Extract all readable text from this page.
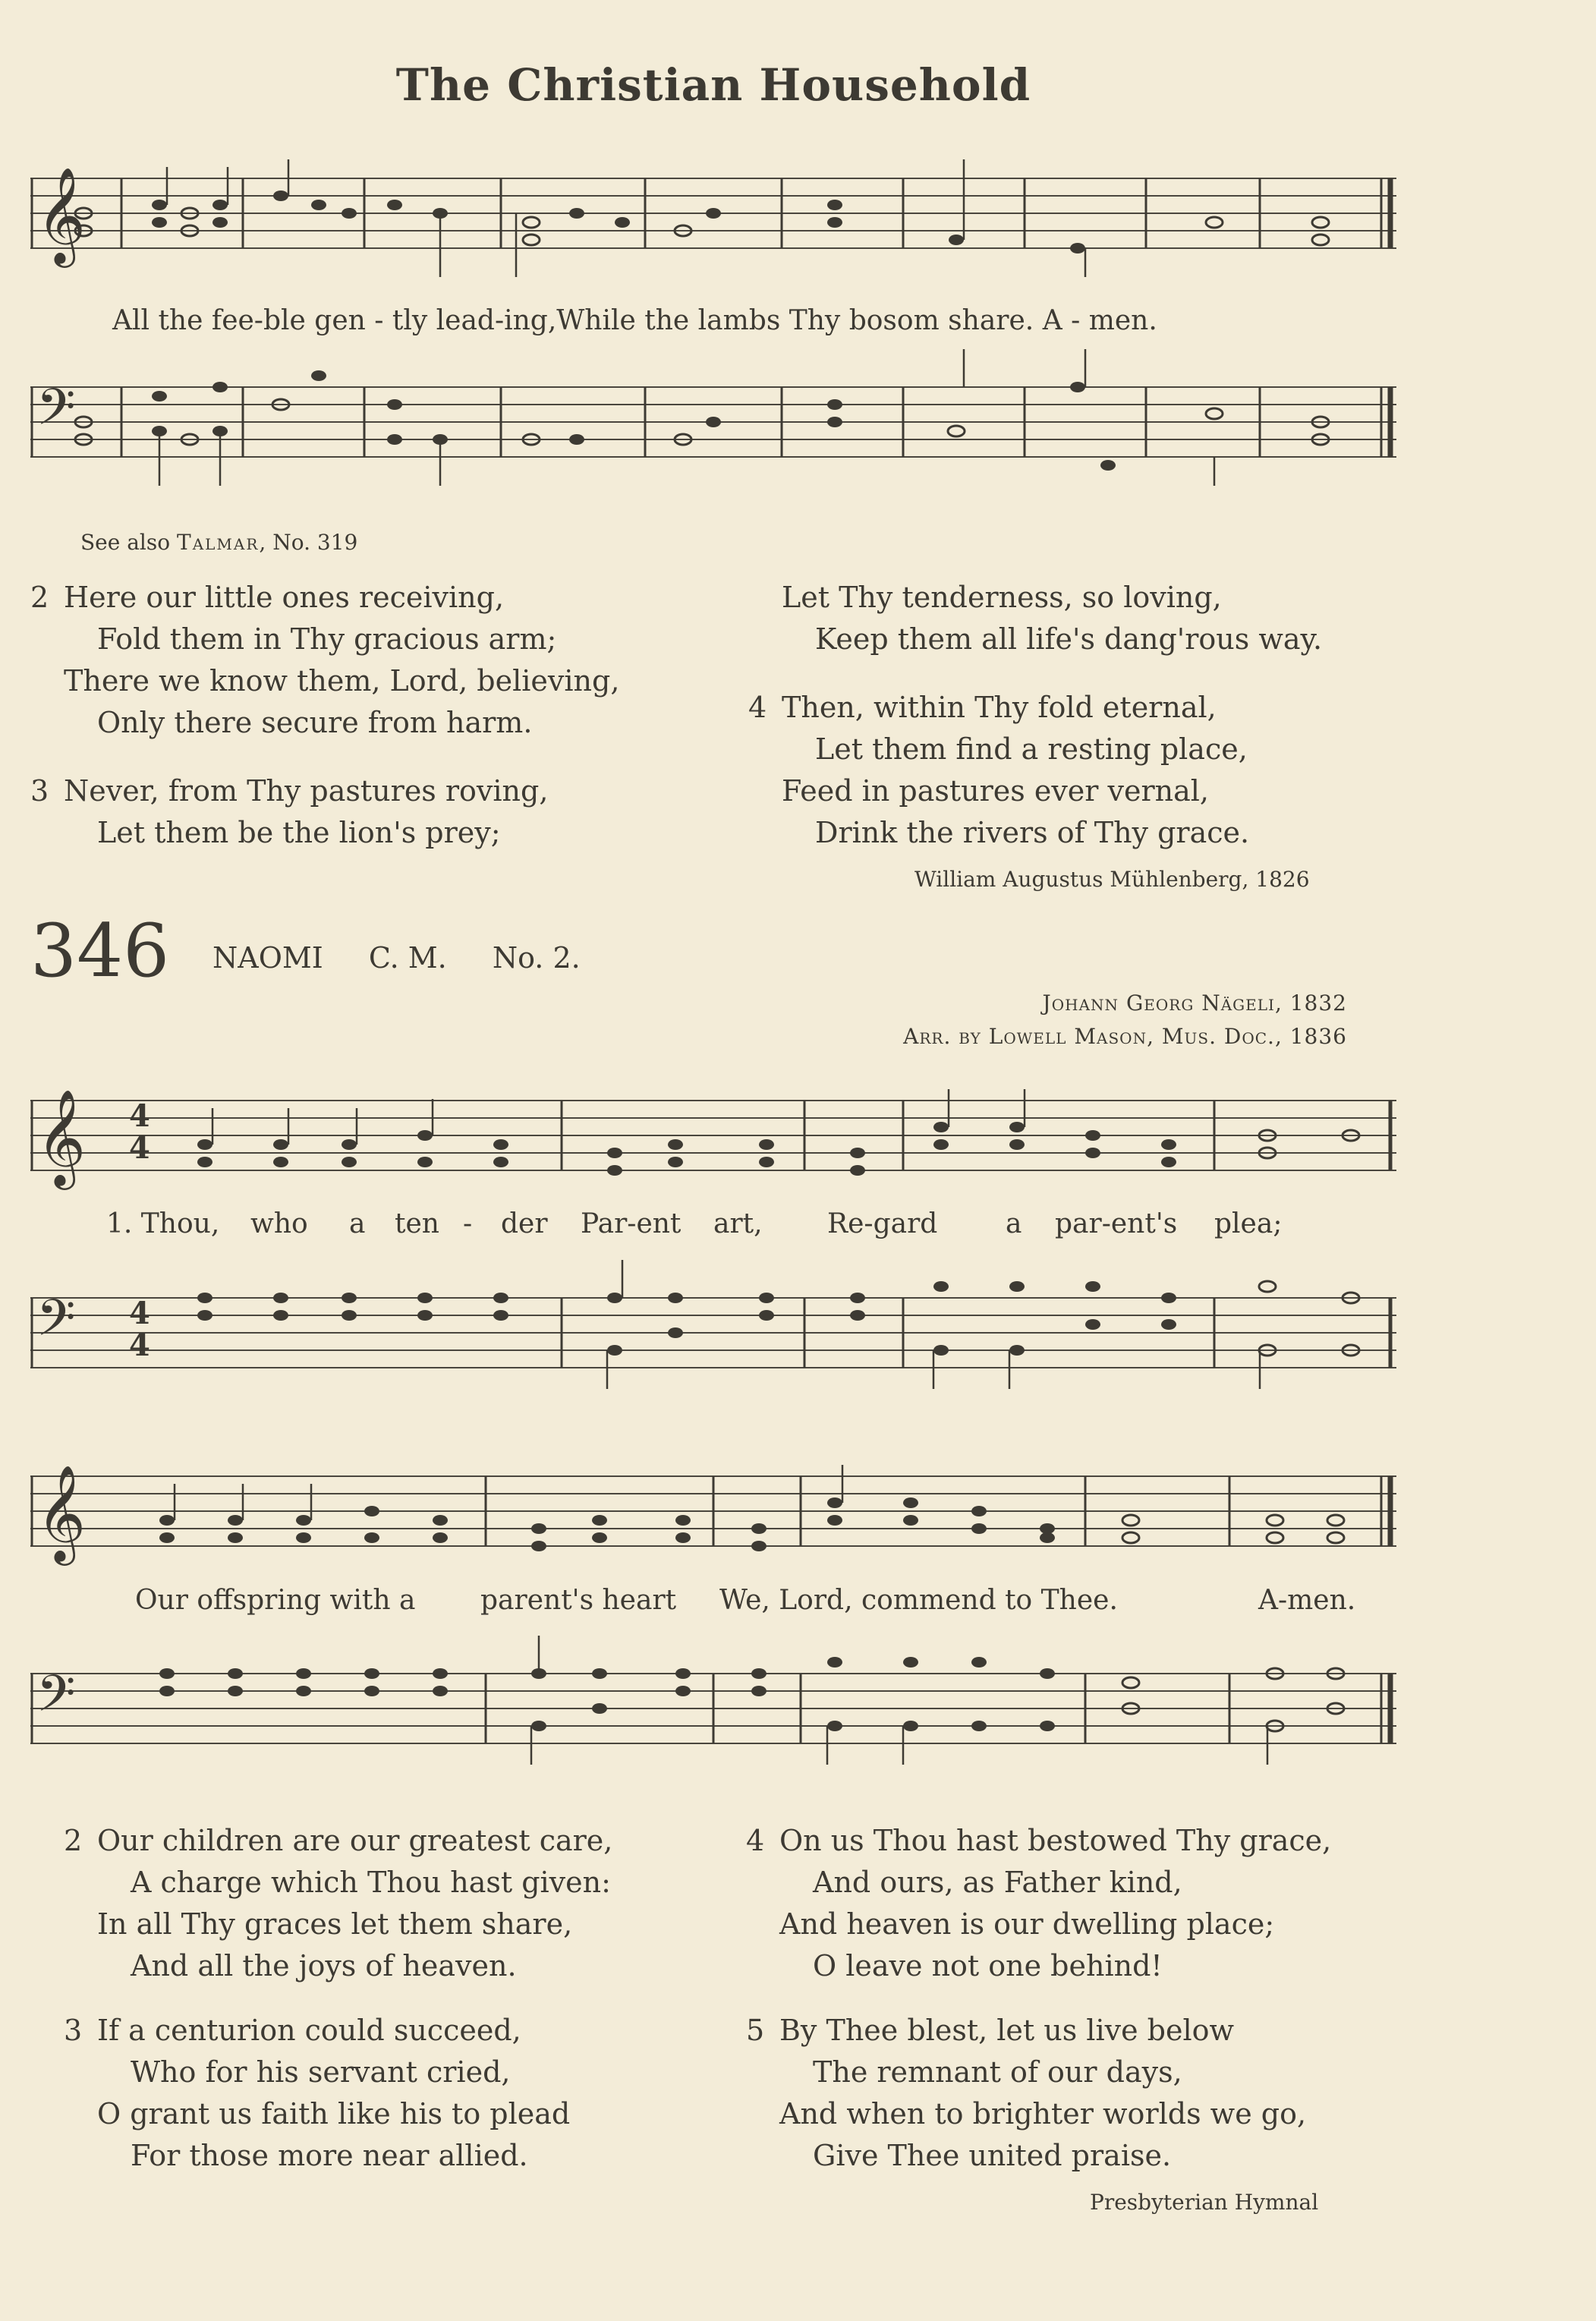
The Christian Household
𝄞
All the fee-ble gen - tly lead-ing,While the lambs Thy bosom share. A - men.
𝄢
See also Talmar, No. 319
2 Here our little ones receiving,
Fold them in Thy gracious arm;
There we know them, Lord, believing,
Only there secure from harm.
3 Never, from Thy pastures roving,
Let them be the lion's prey;
Let Thy tenderness, so loving,
Keep them all life's dang'rous way.
4 Then, within Thy fold eternal,
Let them find a resting place,
Feed in pastures ever vernal,
Drink the rivers of Thy grace.
William Augustus Mühlenberg, 1826
346 NAOMI C. M. No. 2.
Johann Georg Nägeli, 1832
Arr. by Lowell Mason, Mus. Doc., 1836
𝄞 4
4
1. Thou, who a ten - der Par-ent art, Re-gard a par-ent's plea;
𝄢 4
4
𝄞
Our offspring with a parent's heart We, Lord, commend to Thee.	A-men.
𝄢
2 Our children are our greatest care,
A charge which Thou hast given:
In all Thy graces let them share,
And all the joys of heaven.
3 If a centurion could succeed,
Who for his servant cried,
O grant us faith like his to plead
For those more near allied.
4 On us Thou hast bestowed Thy grace,
And ours, as Father kind,
And heaven is our dwelling place;
O leave not one behind!
5 By Thee blest, let us live below
The remnant of our days,
And when to brighter worlds we go,
Give Thee united praise.
Presbyterian Hymnal
